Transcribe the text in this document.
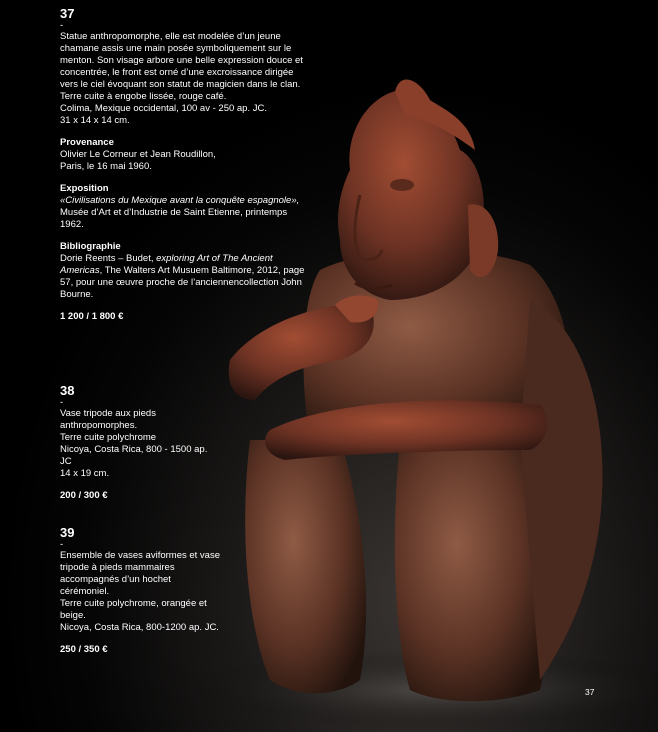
37
-

Statue anthropomorphe, elle est modelée d’un jeune chamane assis une main posée symboliquement sur le menton. Son visage arbore une belle expression douce et concentrée, le front est orné d’une excroissance dirigée vers le ciel évoquant son statut de magicien dans le clan.

Terre cuite à engobe lissée, rouge café.

Colima, Mexique occidental, 100 av - 250 ap. JC.

31 x 14 x 14 cm.

Provenance

Olivier Le Corneur et Jean Roudillon,

Paris, le 16 mai 1960.

Exposition

«Civilisations du Mexique avant la conquête espagnole», Musée d’Art et d’Industrie de Saint Etienne, printemps 1962.

Bibliographie

Dorie Reents – Budet, exploring Art of The Ancient Americas, The Walters Art Musuem Baltimore, 2012, page 57, pour une œuvre proche de l’anciennencollection John Bourne.

1 200 / 1 800 €

38
-

Vase tripode aux pieds anthropomorphes.

Terre cuite polychrome

Nicoya, Costa Rica, 800 - 1500 ap. JC

14 x 19 cm.

200 / 300 €

39
-

Ensemble de vases aviformes et vase tripode à pieds mammaires accompagnés d’un hochet cérémoniel.

Terre cuite polychrome, orangée et beige.

Nicoya, Costa Rica, 800-1200 ap. JC.

250 / 350 €

37
